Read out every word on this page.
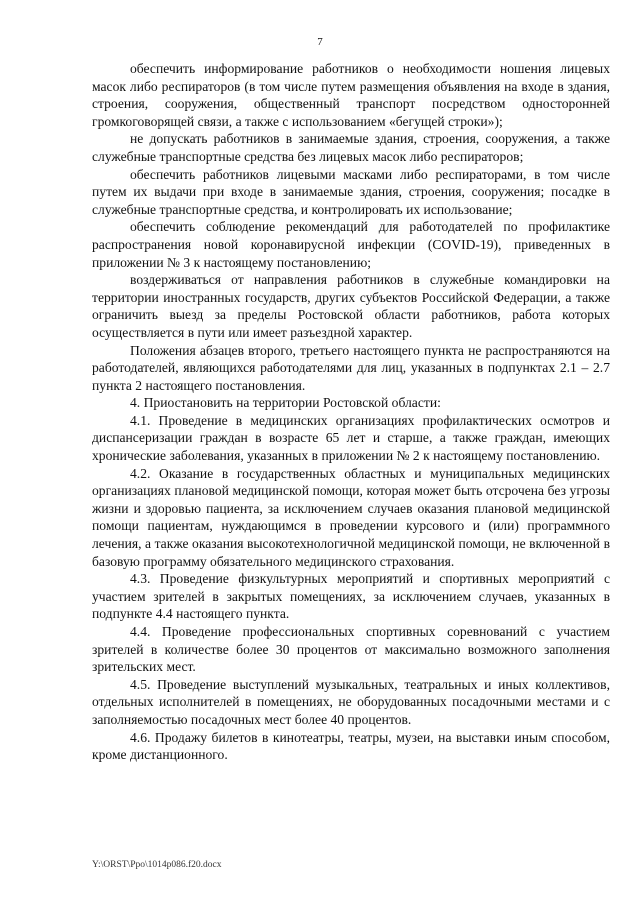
7

обеспечить информирование работников о необходимости ношения лицевых масок либо респираторов (в том числе путем размещения объявления на входе в здания, строения, сооружения, общественный транспорт посредством односторонней громкоговорящей связи, а также с использованием «бегущей строки»);

не допускать работников в занимаемые здания, строения, сооружения, а также служебные транспортные средства без лицевых масок либо респираторов;

обеспечить работников лицевыми масками либо респираторами, в том числе путем их выдачи при входе в занимаемые здания, строения, сооружения; посадке в служебные транспортные средства, и контролировать их использование;

обеспечить соблюдение рекомендаций для работодателей по профилактике распространения новой коронавирусной инфекции (COVID-19), приведенных в приложении № 3 к настоящему постановлению;

воздерживаться от направления работников в служебные командировки на территории иностранных государств, других субъектов Российской Федерации, а также ограничить выезд за пределы Ростовской области работников, работа которых осуществляется в пути или имеет разъездной характер.

Положения абзацев второго, третьего настоящего пункта не распространяются на работодателей, являющихся работодателями для лиц, указанных в подпунктах 2.1 – 2.7 пункта 2 настоящего постановления.

4. Приостановить на территории Ростовской области:

4.1. Проведение в медицинских организациях профилактических осмотров и диспансеризации граждан в возрасте 65 лет и старше, а также граждан, имеющих хронические заболевания, указанных в приложении № 2 к настоящему постановлению.

4.2. Оказание в государственных областных и муниципальных медицинских организациях плановой медицинской помощи, которая может быть отсрочена без угрозы жизни и здоровью пациента, за исключением случаев оказания плановой медицинской помощи пациентам, нуждающимся в проведении курсового и (или) программного лечения, а также оказания высокотехнологичной медицинской помощи, не включенной в базовую программу обязательного медицинского страхования.

4.3. Проведение физкультурных мероприятий и спортивных мероприятий с участием зрителей в закрытых помещениях, за исключением случаев, указанных в подпункте 4.4 настоящего пункта.

4.4. Проведение профессиональных спортивных соревнований с участием зрителей в количестве более 30 процентов от максимально возможного заполнения зрительских мест.

4.5. Проведение выступлений музыкальных, театральных и иных коллективов, отдельных исполнителей в помещениях, не оборудованных посадочными местами и с заполняемостью посадочных мест более 40 процентов.

4.6. Продажу билетов в кинотеатры, театры, музеи, на выставки иным способом, кроме дистанционного.

Y:\ORST\Ppo\1014p086.f20.docx
